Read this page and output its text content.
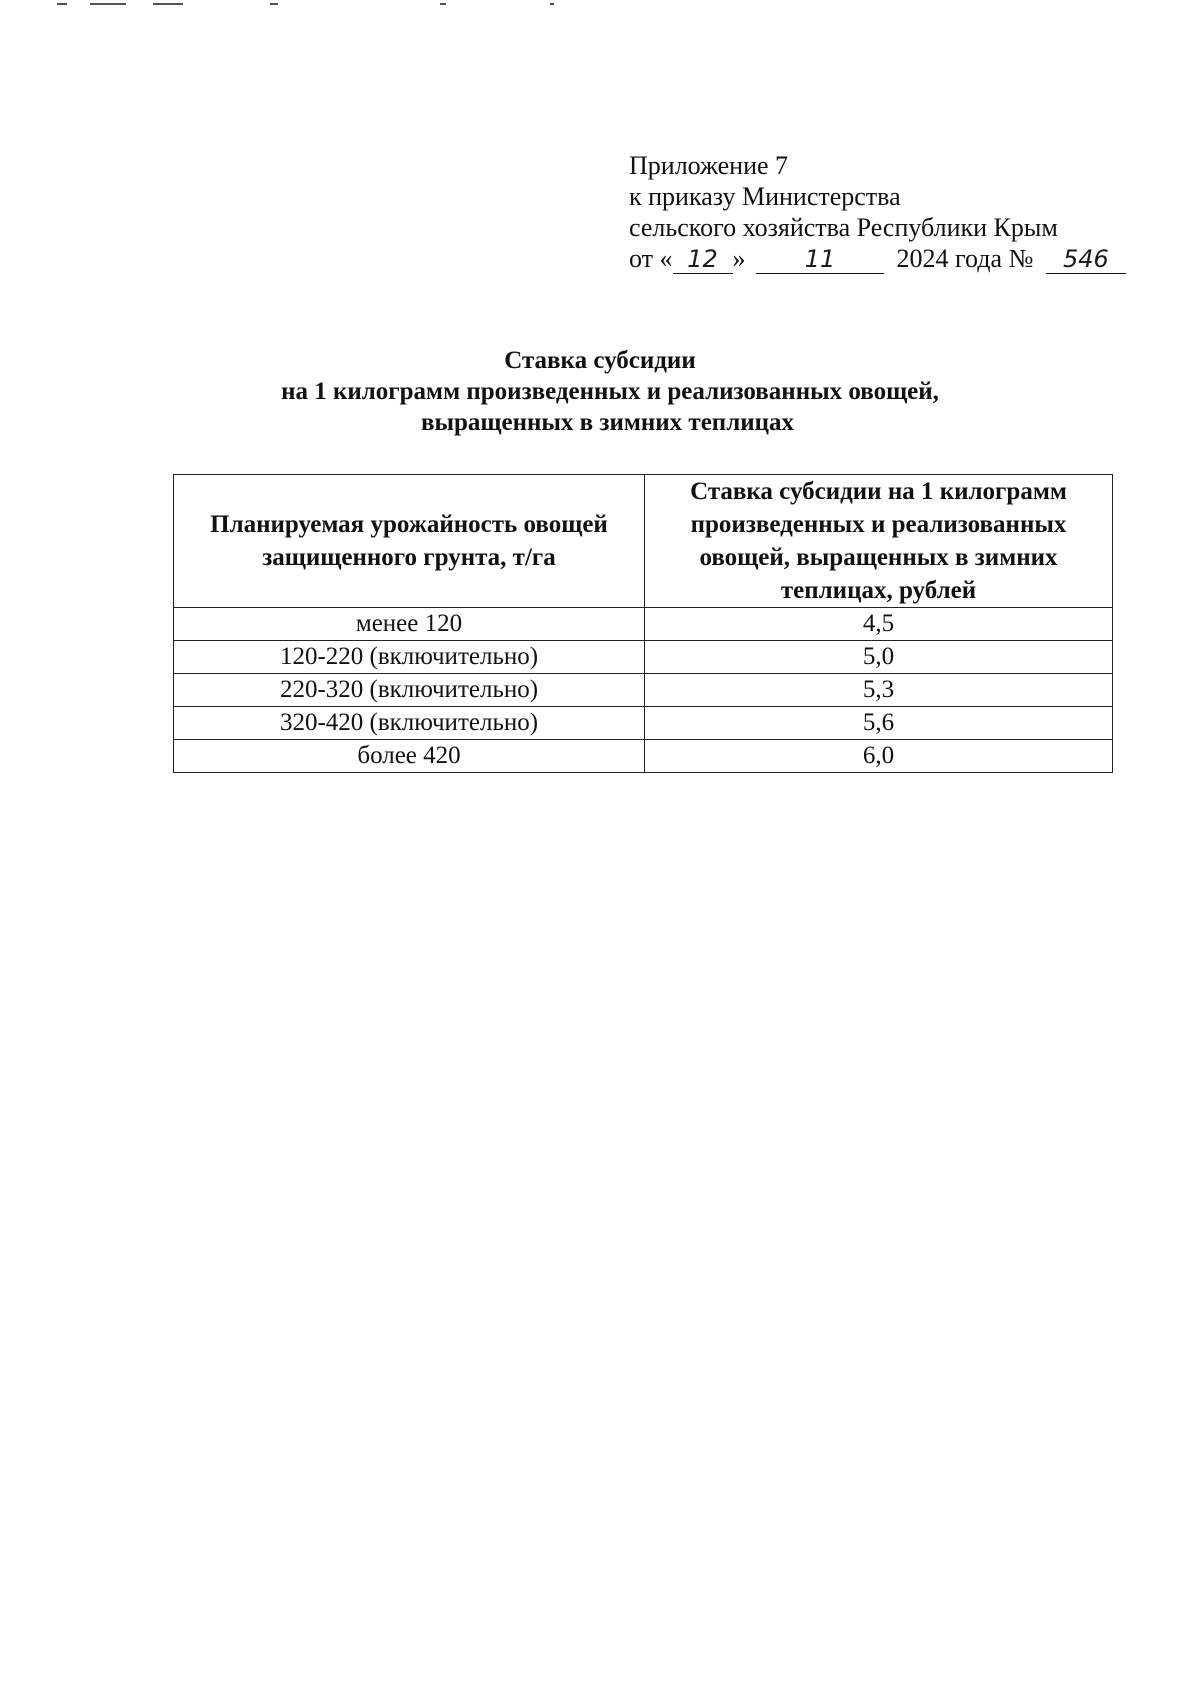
Приложение 7
к приказу Министерства
сельского хозяйства Республики Крым
от « 12 » 11 2024 года № 546
Ставка субсидии
на 1 килограмм произведенных и реализованных овощей,
выращенных в зимних теплицах
Планируемая урожайность овощей защищенного грунта, т/га	Ставка субсидии на 1 килограмм произведенных и реализованных овощей, выращенных в зимних теплицах, рублей
менее 120	4,5
120-220 (включительно)	5,0
220-320 (включительно)	5,3
320-420 (включительно)	5,6
более 420	6,0
